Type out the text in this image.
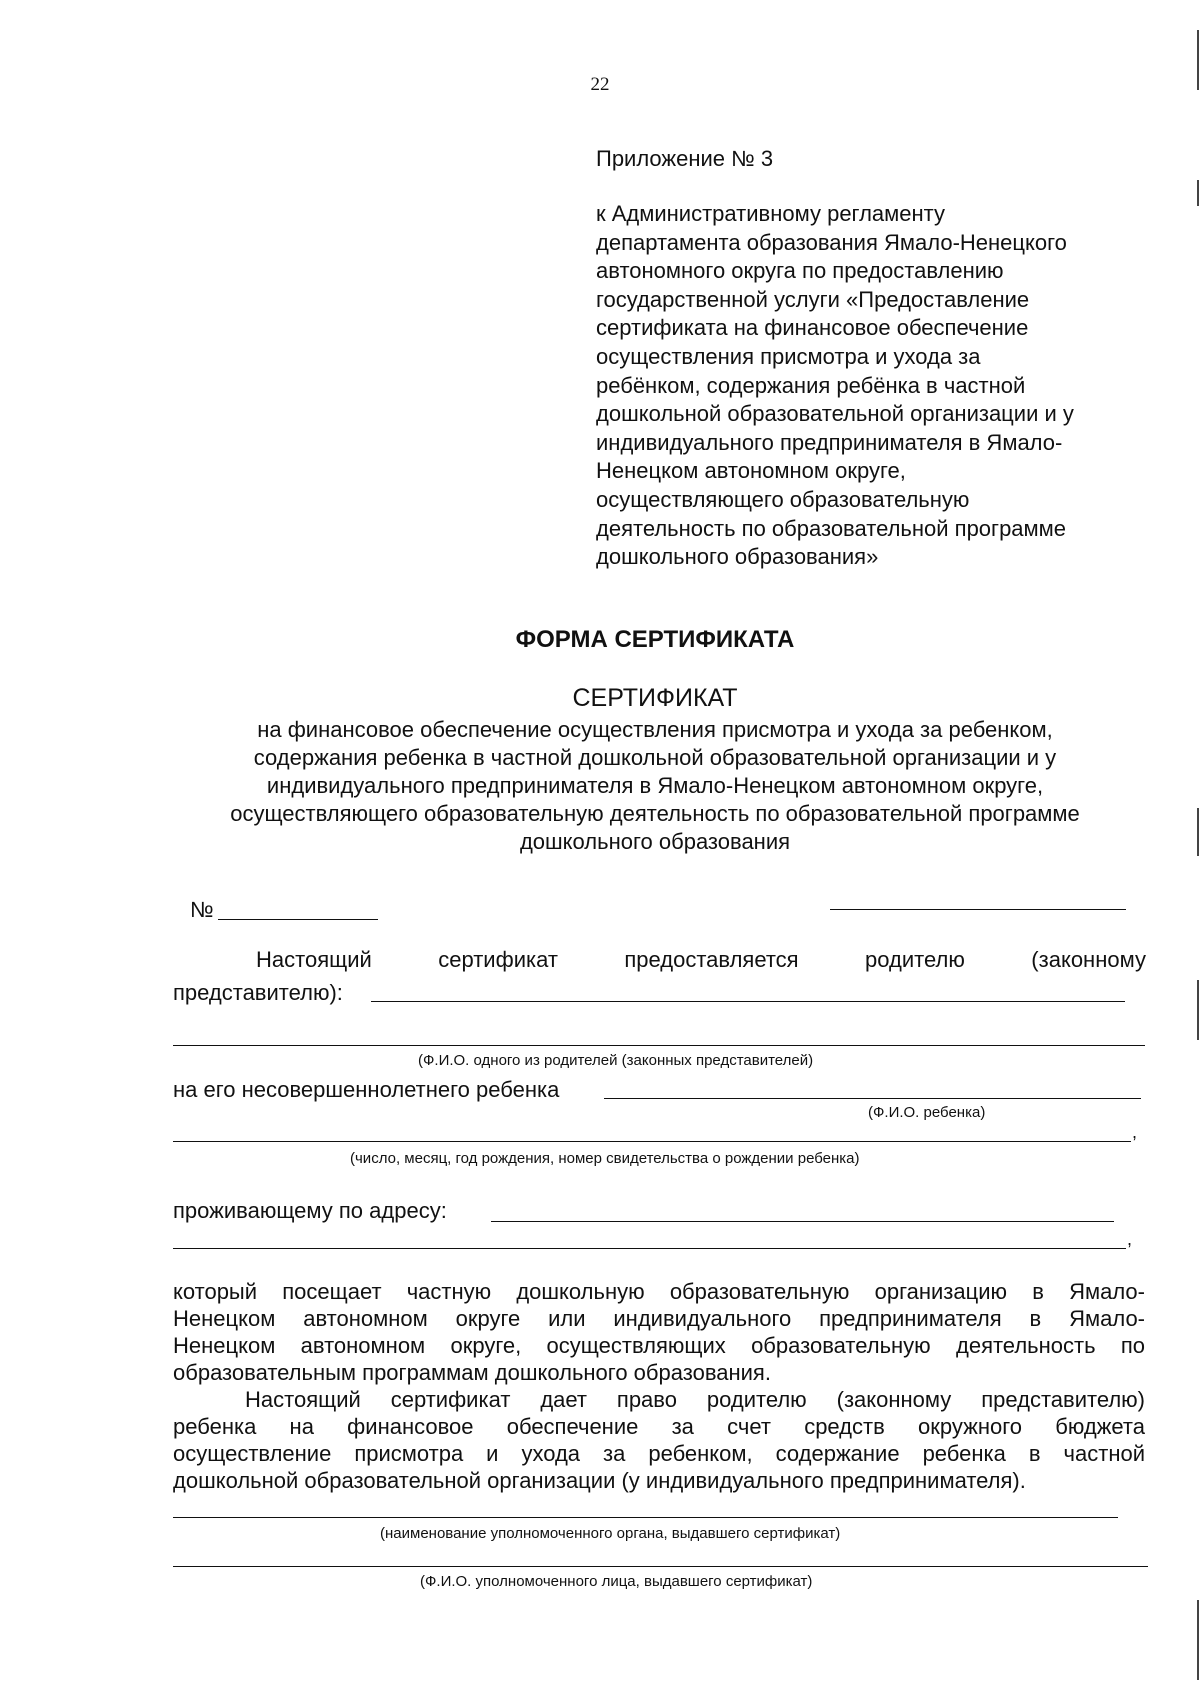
22
Приложение № 3
к Административному регламенту
департамента образования Ямало-Ненецкого
автономного округа по предоставлению
государственной услуги «Предоставление
сертификата на финансовое обеспечение
осуществления присмотра и ухода за
ребёнком, содержания ребёнка в частной
дошкольной образовательной организации и у
индивидуального предпринимателя в Ямало-
Ненецком автономном округе,
осуществляющего образовательную
деятельность по образовательной программе
дошкольного образования»
ФОРМА СЕРТИФИКАТА
СЕРТИФИКАТ
на финансовое обеспечение осуществления присмотра и ухода за ребенком,
содержания ребенка в частной дошкольной образовательной организации и у
индивидуального предпринимателя в Ямало-Ненецком автономном округе,
осуществляющего образовательную деятельность по образовательной программе
дошкольного образования
№
Настоящий	сертификат	предоставляется	родителю	(законному
представителю):
(Ф.И.О. одного из родителей (законных представителей)
на его несовершеннолетнего ребенка
(Ф.И.О. ребенка)
,
(число, месяц, год рождения, номер свидетельства о рождении ребенка)
проживающему по адресу:
,
который посещает частную дошкольную образовательную организацию в Ямало-
Ненецком автономном округе или индивидуального предпринимателя в Ямало-
Ненецком автономном округе, осуществляющих образовательную деятельность по
образовательным программам дошкольного образования.
Настоящий сертификат дает право родителю (законному представителю)
ребенка на финансовое обеспечение за счет средств окружного бюджета
осуществление присмотра и ухода за ребенком, содержание ребенка в частной
дошкольной образовательной организации (у индивидуального предпринимателя).
(наименование уполномоченного органа, выдавшего сертификат)
(Ф.И.О. уполномоченного лица, выдавшего сертификат)
